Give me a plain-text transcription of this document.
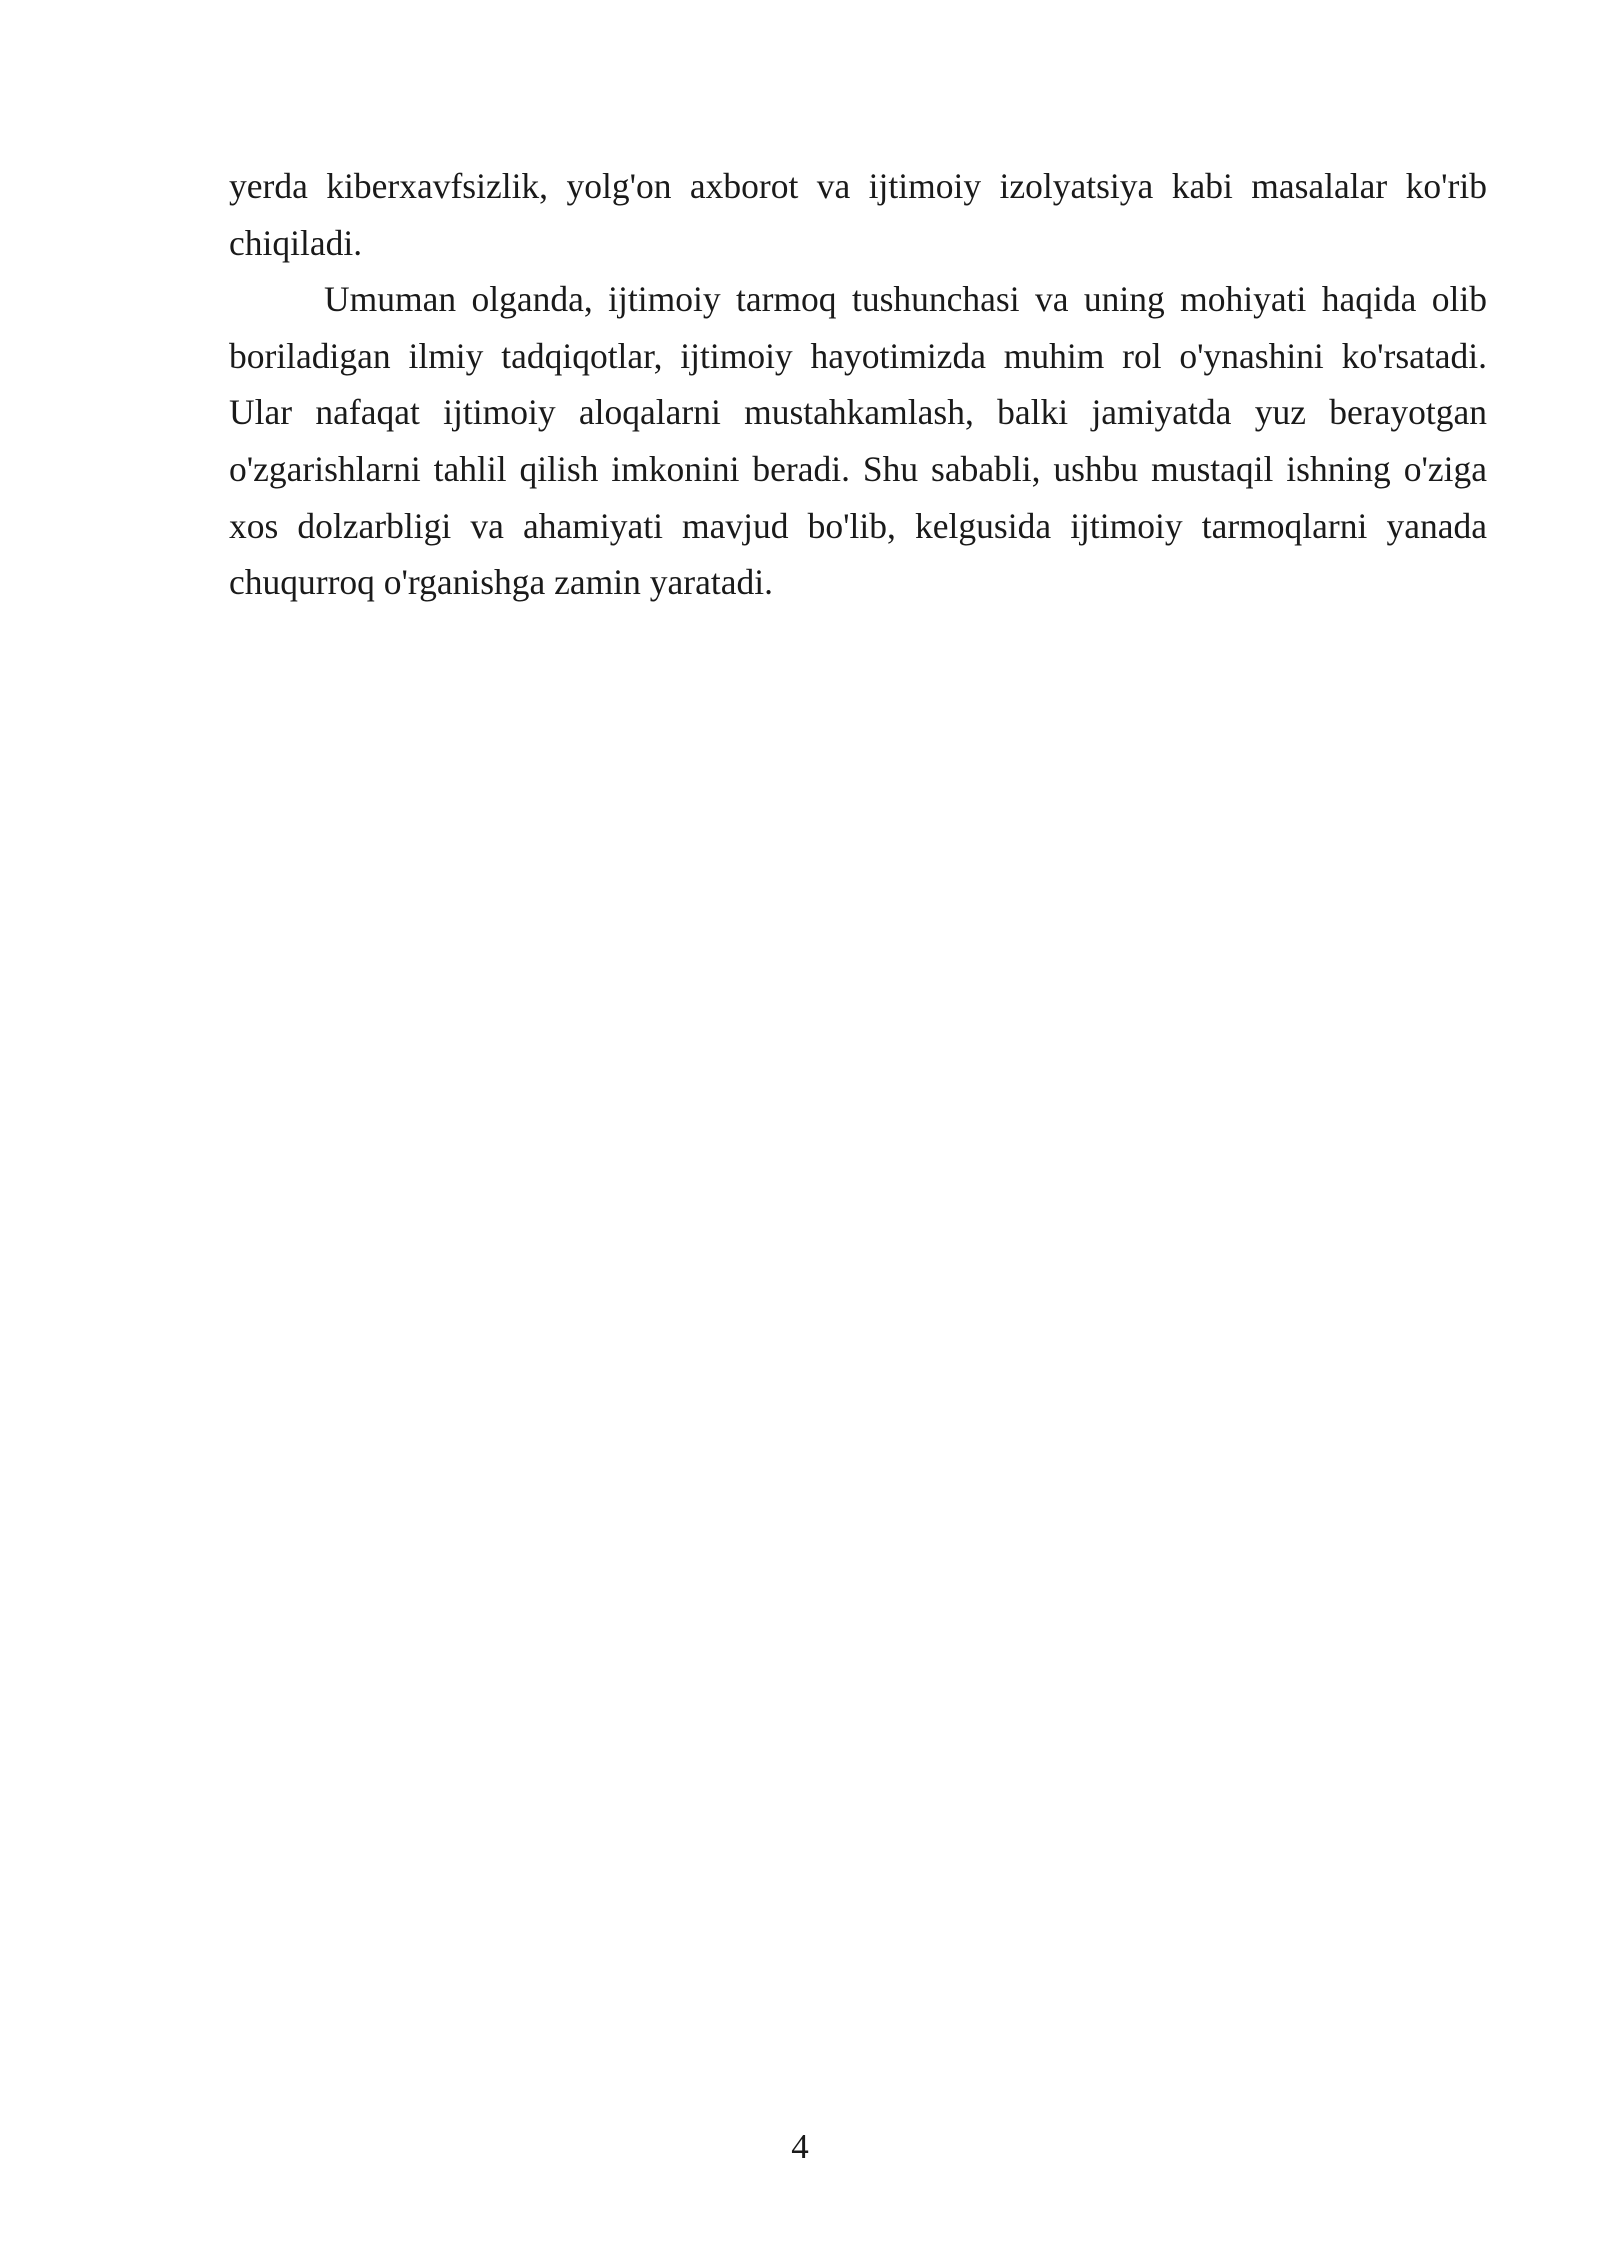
yerda kiberxavfsizlik, yolg'on axborot va ijtimoiy izolyatsiya kabi masalalar ko'rib chiqiladi.

Umuman olganda, ijtimoiy tarmoq tushunchasi va uning mohiyati haqida olib boriladigan ilmiy tadqiqotlar, ijtimoiy hayotimizda muhim rol o'ynashini ko'rsatadi. Ular nafaqat ijtimoiy aloqalarni mustahkamlash, balki jamiyatda yuz berayotgan o'zgarishlarni tahlil qilish imkonini beradi. Shu sababli, ushbu mustaqil ishning o'ziga xos dolzarbligi va ahamiyati mavjud bo'lib, kelgusida ijtimoiy tarmoqlarni yanada chuqurroq o'rganishga zamin yaratadi.

4
